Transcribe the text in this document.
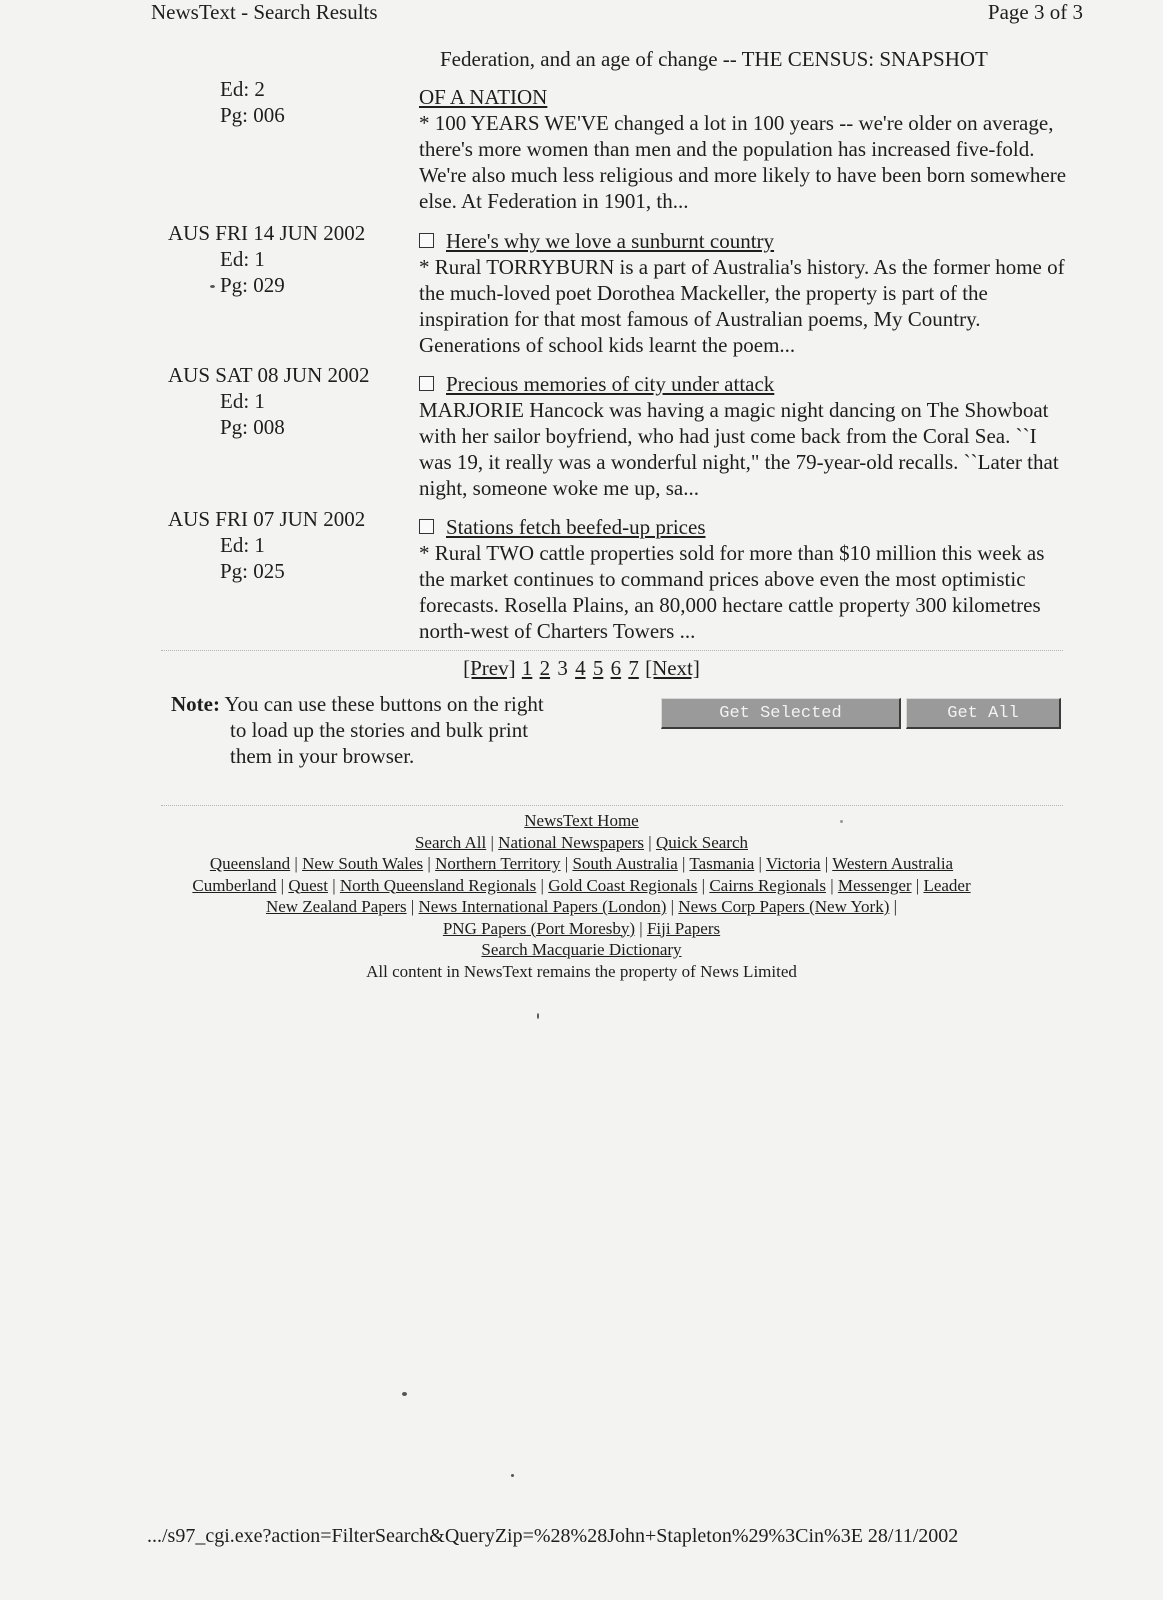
NewsText - Search Results	Page 3 of 3
Ed: 2
Pg: 006
Federation, and an age of change -- THE CENSUS: SNAPSHOT
OF A NATION
* 100 YEARS WE'VE changed a lot in 100 years -- we're older on average, there's more women than men and the population has increased five-fold. We're also much less religious and more likely to have been born somewhere else. At Federation in 1901, th...
AUS FRI 14 JUN 2002
Ed: 1
Pg: 029
Here's why we love a sunburnt country
* Rural TORRYBURN is a part of Australia's history. As the former home of the much-loved poet Dorothea Mackeller, the property is part of the inspiration for that most famous of Australian poems, My Country. Generations of school kids learnt the poem...
AUS SAT 08 JUN 2002
Ed: 1
Pg: 008
Precious memories of city under attack
MARJORIE Hancock was having a magic night dancing on The Showboat with her sailor boyfriend, who had just come back from the Coral Sea. ``I was 19, it really was a wonderful night," the 79-year-old recalls. ``Later that night, someone woke me up, sa...
AUS FRI 07 JUN 2002
Ed: 1
Pg: 025
Stations fetch beefed-up prices
* Rural TWO cattle properties sold for more than $10 million this week as the market continues to command prices above even the most optimistic forecasts. Rosella Plains, an 80,000 hectare cattle property 300 kilometres north-west of Charters Towers ...
[Prev] 1 2 3 4 5 6 7 [Next]
Note: You can use these buttons on the right
to load up the stories and bulk print
them in your browser.
Get Selected	Get All
NewsText Home
Search All | National Newspapers | Quick Search
Queensland | New South Wales | Northern Territory | South Australia | Tasmania | Victoria | Western Australia
Cumberland | Quest | North Queensland Regionals | Gold Coast Regionals | Cairns Regionals | Messenger | Leader
New Zealand Papers | News International Papers (London) | News Corp Papers (New York) |
PNG Papers (Port Moresby) | Fiji Papers
Search Macquarie Dictionary
All content in NewsText remains the property of News Limited
.../s97_cgi.exe?action=FilterSearch&QueryZip=%28%28John+Stapleton%29%3Cin%3E 28/11/2002
